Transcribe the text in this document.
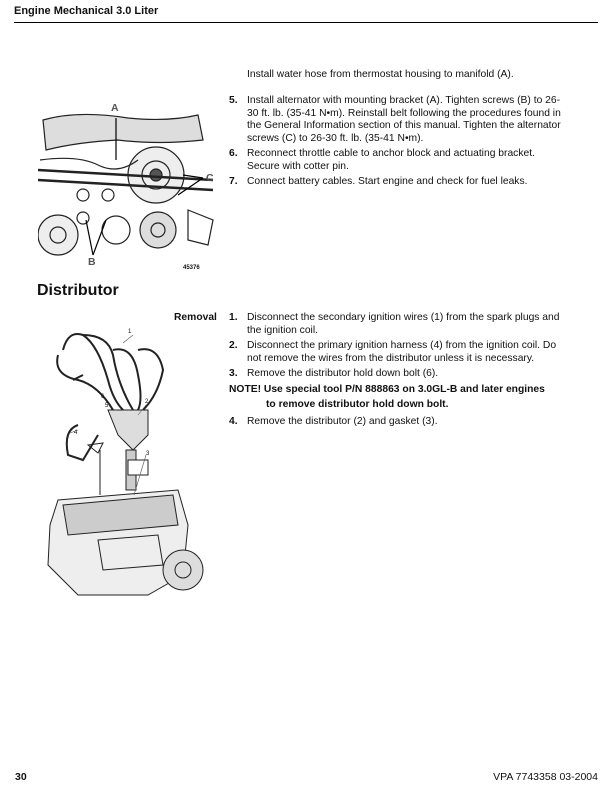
Engine Mechanical 3.0 Liter
Install water hose from thermostat housing to manifold (A).
5. Install alternator with mounting bracket (A). Tighten screws (B) to 26-30 ft. lb. (35-41 N•m). Reinstall belt following the procedures found in the General Information section of this manual. Tighten the alternator screws (C) to 26-30 ft. lb. (35-41 N•m).
6. Reconnect throttle cable to anchor block and actuating bracket. Secure with cotter pin.
7. Connect battery cables. Start engine and check for fuel leaks.
A
B
C
45376
Distributor
Removal 1. Disconnect the secondary ignition wires (1) from the spark plugs and the ignition coil.
2. Disconnect the primary ignition harness (4) from the ignition coil. Do not remove the wires from the distributor unless it is necessary.
3. Remove the distributor hold down bolt (6).
NOTE! Use special tool P/N 888863 on 3.0GL-B and later engines
to remove distributor hold down bolt.
4. Remove the distributor (2) and gasket (3).
1
2
3
4
5
6
30	VPA 7743358 03-2004
